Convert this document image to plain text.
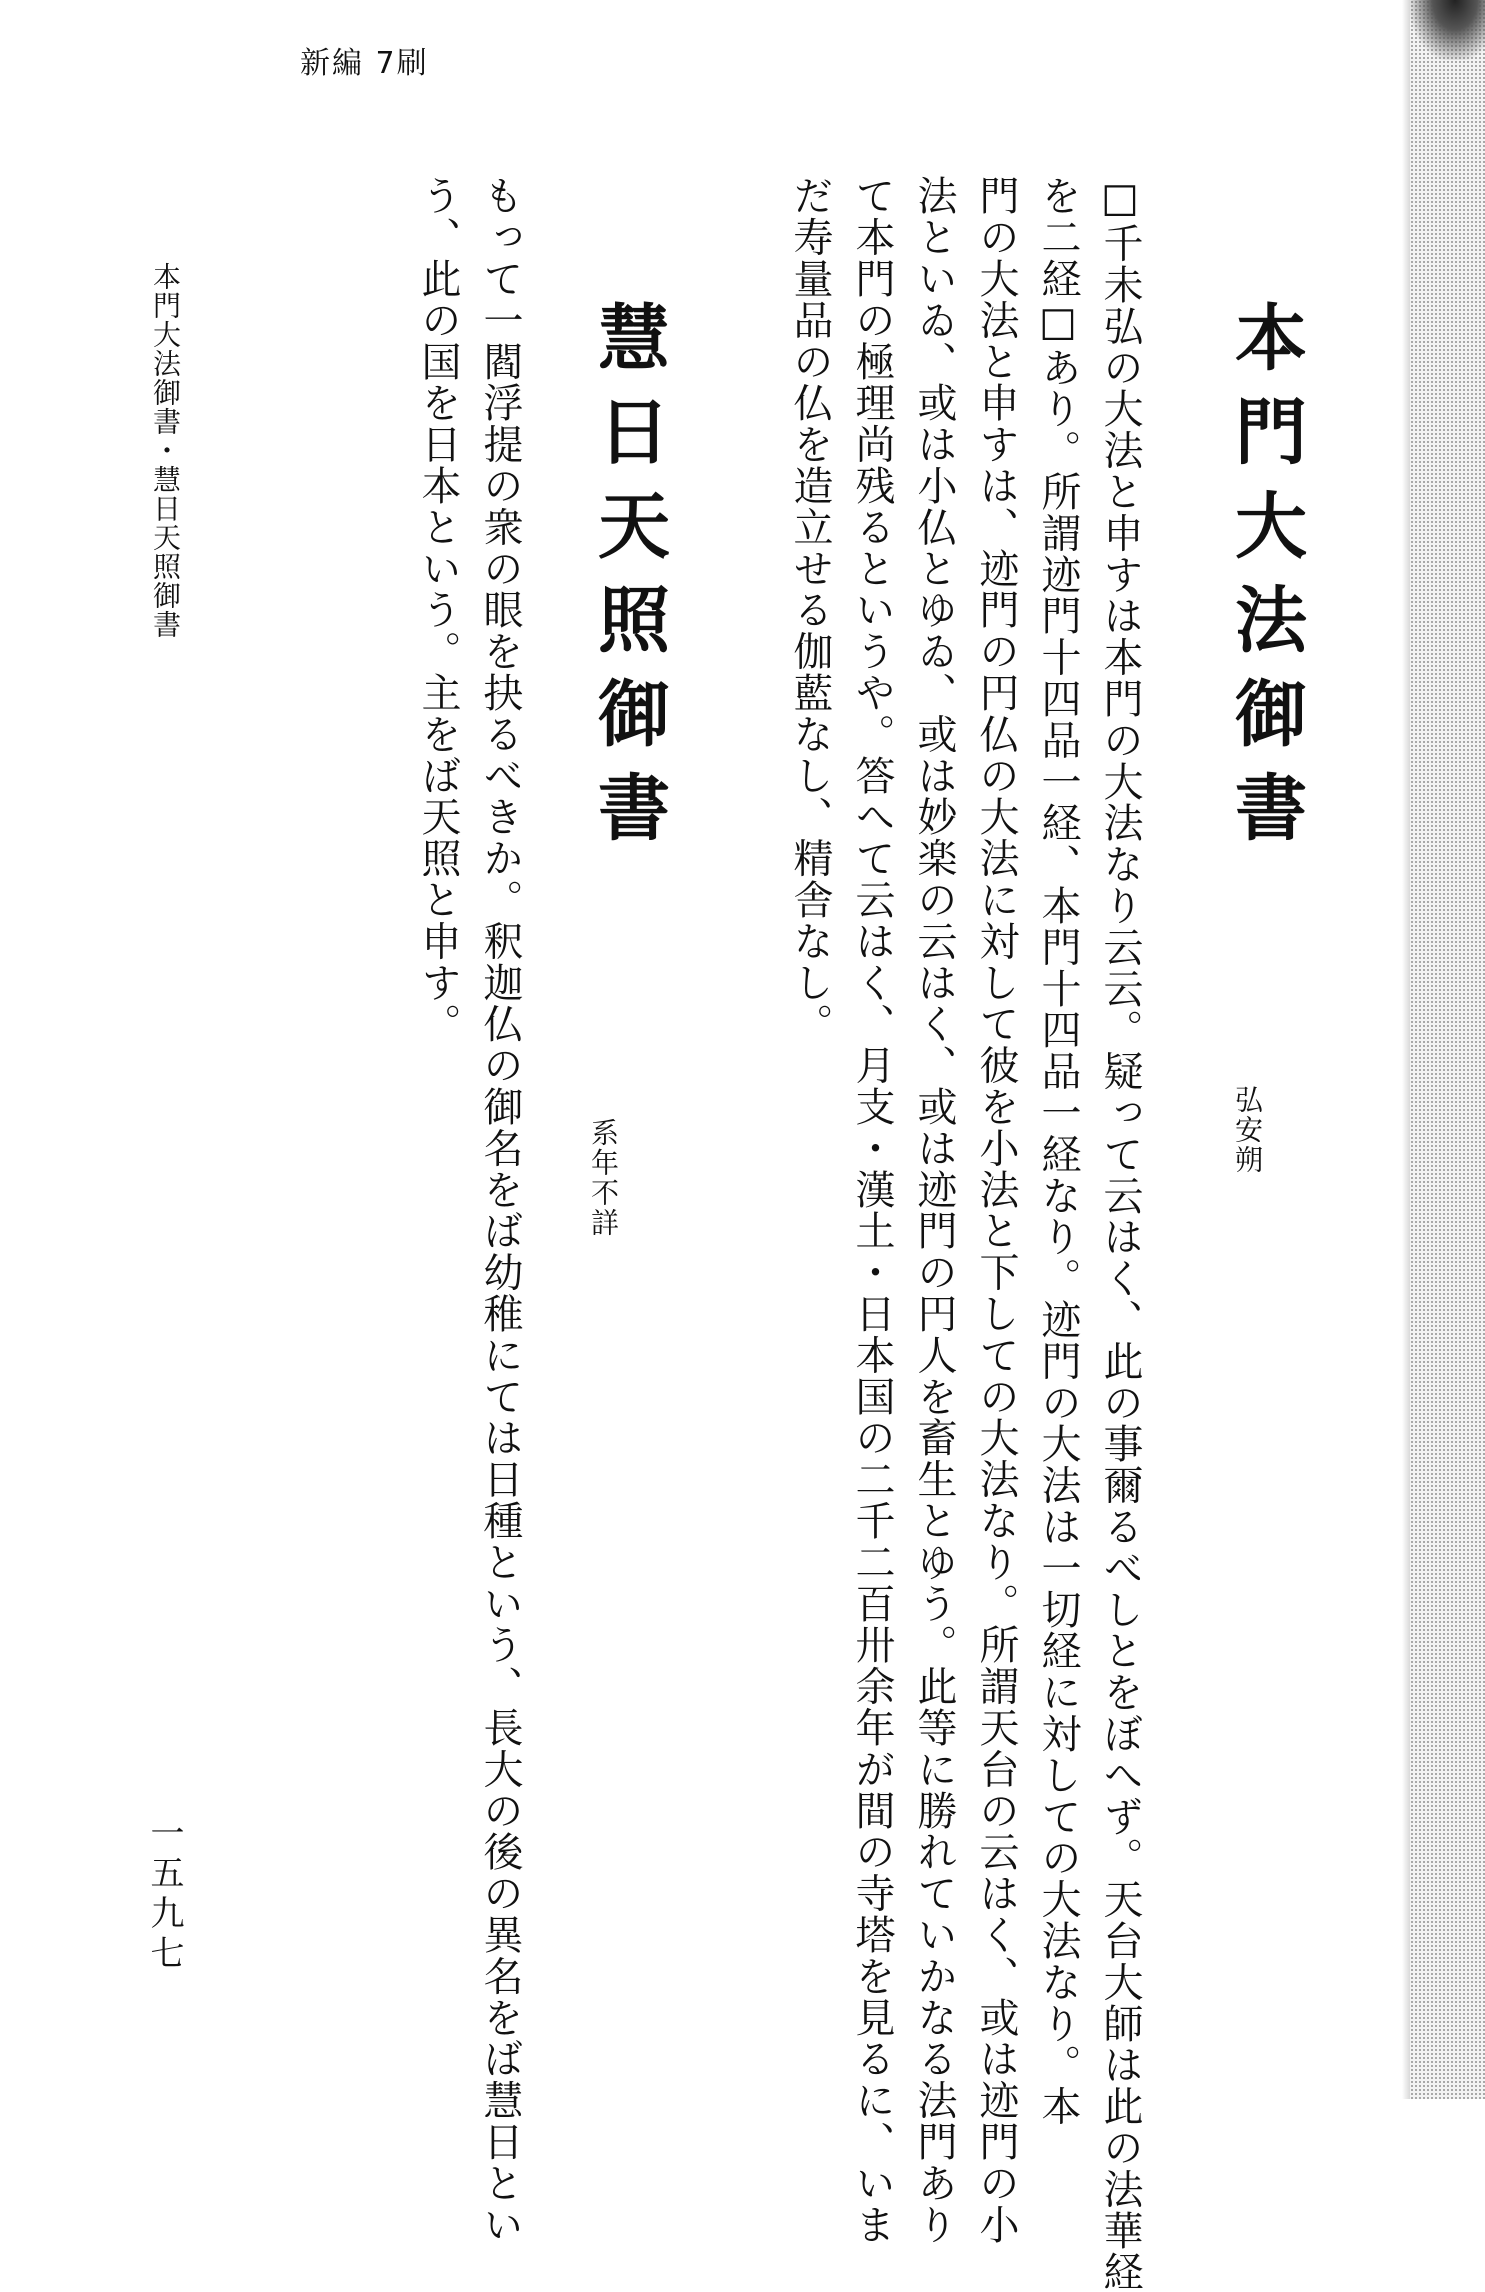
新編 7刷
本門大法御書
弘安朔
□千未弘の大法と申すは本門の大法なり云云。疑って云はく、此の事爾るべしとをぼへず。天台大師は此の法華経
を二経□あり。所謂迹門十四品一経、本門十四品一経なり。迹門の大法は一切経に対しての大法なり。本
門の大法と申すは、迹門の円仏の大法に対して彼を小法と下しての大法なり。所謂天台の云はく、或は迹門の小
法といゐ、或は小仏とゆゐ、或は妙楽の云はく、或は迹門の円人を畜生とゆう。此等に勝れていかなる法門あり
て本門の極理尚残るというや。答へて云はく、月支・漢土・日本国の二千二百卅余年が間の寺塔を見るに、いま
だ寿量品の仏を造立せる伽藍なし、精舎なし。
慧日天照御書
系年不詳
もって一閻浮提の衆の眼を抉るべきか。釈迦仏の御名をば幼稚にては日種という、長大の後の異名をば慧日とい
う、此の国を日本という。主をば天照と申す。
本門大法御書・慧日天照御書
一五九七
